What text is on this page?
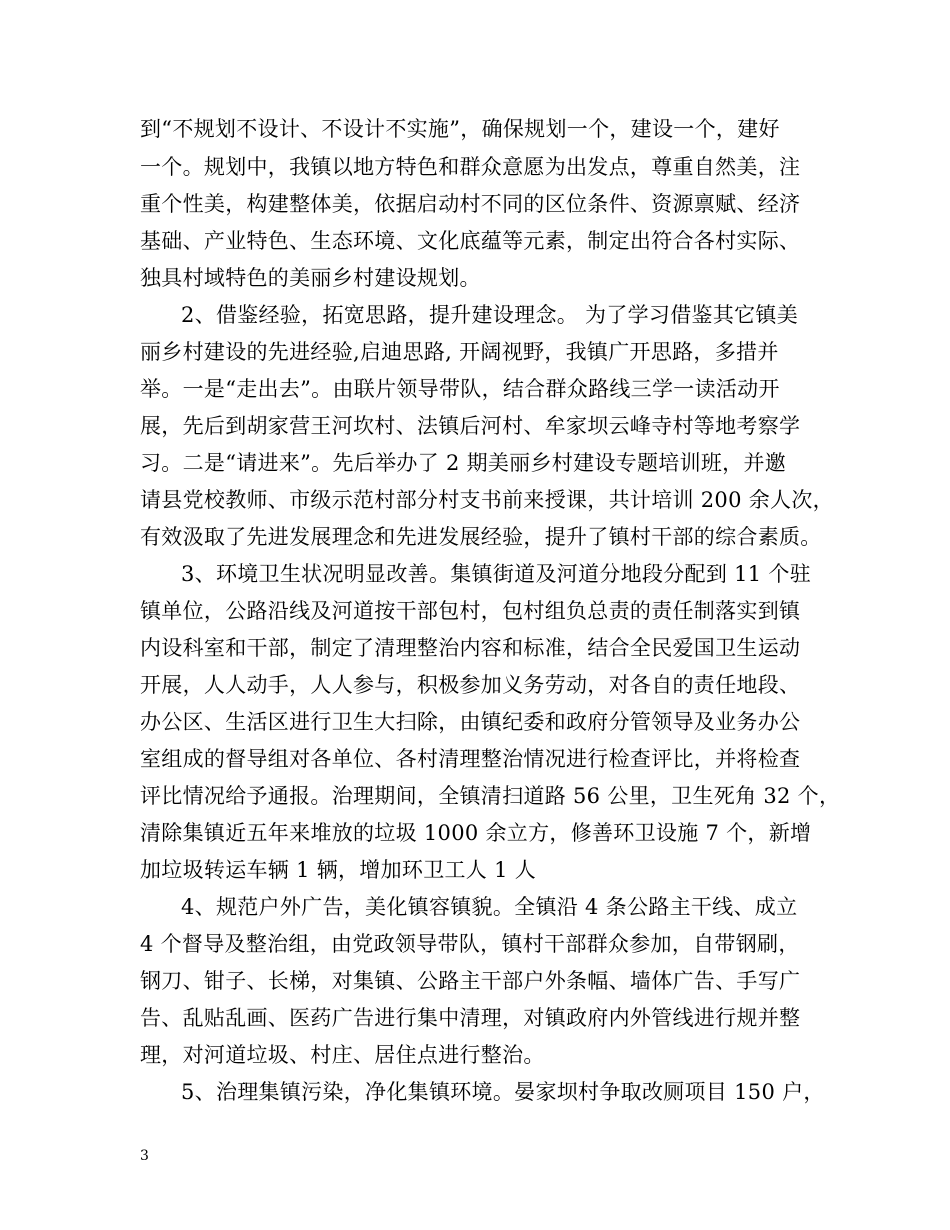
到“不规划不设计、不设计不实施”，确保规划一个，建设一个，建好
一个。规划中，我镇以地方特色和群众意愿为出发点，尊重自然美，注
重个性美，构建整体美，依据启动村不同的区位条件、资源禀赋、经济
基础、产业特色、生态环境、文化底蕴等元素，制定出符合各村实际、
独具村域特色的美丽乡村建设规划。
2、借鉴经验，拓宽思路，提升建设理念。 为了学习借鉴其它镇美
丽乡村建设的先进经验,启迪思路, 开阔视野，我镇广开思路，多措并
举。一是“走出去”。由联片领导带队，结合群众路线三学一读活动开
展，先后到胡家营王河坎村、法镇后河村、牟家坝云峰寺村等地考察学
习。二是“请进来”。先后举办了 2 期美丽乡村建设专题培训班，并邀
请县党校教师、市级示范村部分村支书前来授课，共计培训 200 余人次，
有效汲取了先进发展理念和先进发展经验，提升了镇村干部的综合素质。
3、环境卫生状况明显改善。集镇街道及河道分地段分配到 11 个驻
镇单位，公路沿线及河道按干部包村，包村组负总责的责任制落实到镇
内设科室和干部，制定了清理整治内容和标准，结合全民爱国卫生运动
开展，人人动手，人人参与，积极参加义务劳动，对各自的责任地段、
办公区、生活区进行卫生大扫除，由镇纪委和政府分管领导及业务办公
室组成的督导组对各单位、各村清理整治情况进行检查评比，并将检查
评比情况给予通报。治理期间，全镇清扫道路 56 公里，卫生死角 32 个，
清除集镇近五年来堆放的垃圾 1000 余立方，修善环卫设施 7 个，新增
加垃圾转运车辆 1 辆，增加环卫工人 1 人
4、规范户外广告，美化镇容镇貌。全镇沿 4 条公路主干线、成立
4 个督导及整治组，由党政领导带队，镇村干部群众参加，自带钢刷，
钢刀、钳子、长梯，对集镇、公路主干部户外条幅、墙体广告、手写广
告、乱贴乱画、医药广告进行集中清理，对镇政府内外管线进行规并整
理，对河道垃圾、村庄、居住点进行整治。
5、治理集镇污染，净化集镇环境。晏家坝村争取改厕项目 150 户，
3
